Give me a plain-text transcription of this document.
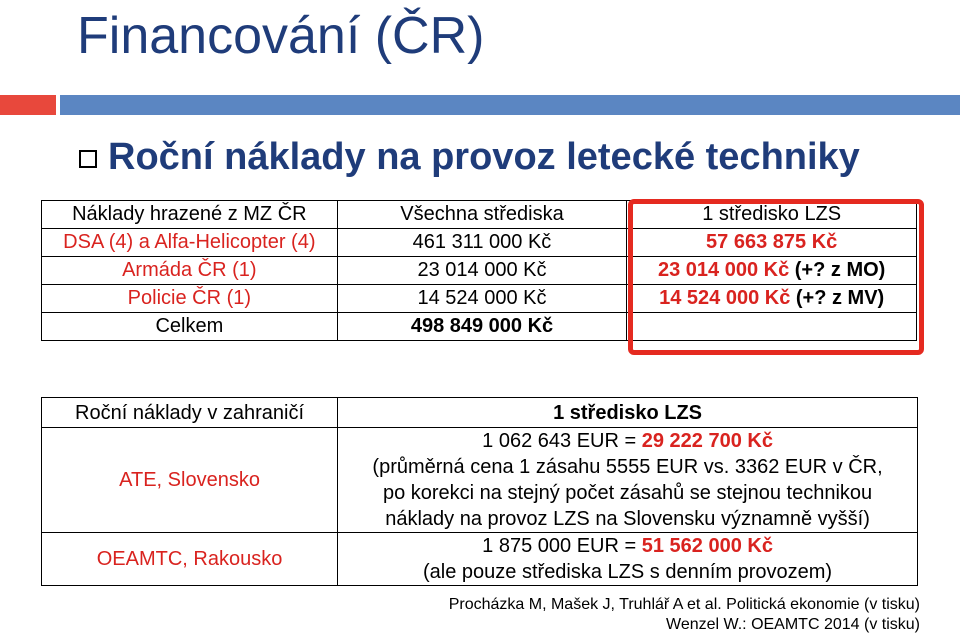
Financování (ČR)
Roční náklady na provoz letecké techniky
Náklady hrazené z MZ ČR	Všechna střediska	1 středisko LZS
DSA (4) a Alfa-Helicopter (4)	461 311 000 Kč	57 663 875 Kč
Armáda ČR (1)	23 014 000 Kč	23 014 000 Kč (+? z MO)
Policie ČR (1)	14 524 000 Kč	14 524 000 Kč (+? z MV)
Celkem	498 849 000 Kč	
Roční náklady v zahraničí	1 středisko LZS
ATE, Slovensko	1 062 643 EUR = 29 222 700 Kč
(průměrná cena 1 zásahu 5555 EUR vs. 3362 EUR v ČR,
po korekci na stejný počet zásahů se stejnou technikou
náklady na provoz LZS na Slovensku významně vyšší)

OEAMTC, Rakousko	1 875 000 EUR = 51 562 000 Kč
(ale pouze střediska LZS s denním provozem)
Procházka M, Mašek J, Truhlář A et al. Politická ekonomie (v tisku)
Wenzel W.: OEAMTC 2014 (v tisku)
